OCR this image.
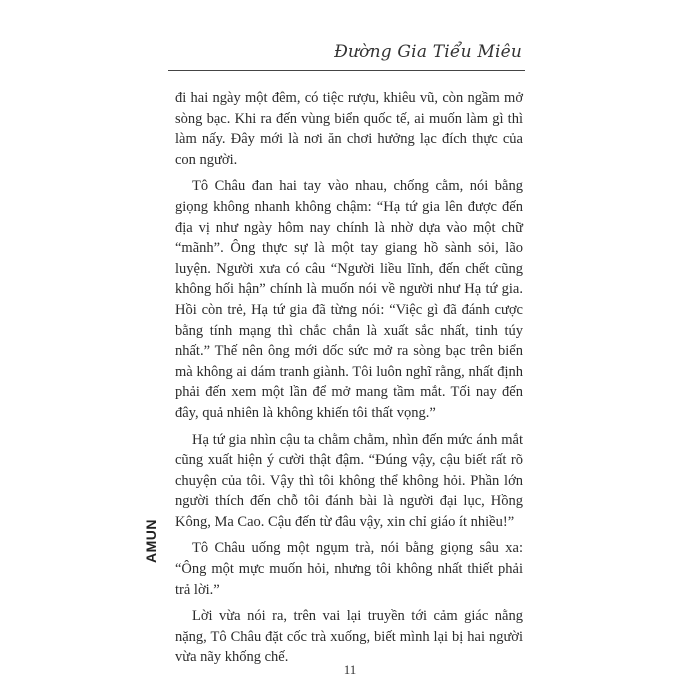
Đường Gia Tiểu Miêu

đi hai ngày một đêm, có tiệc rượu, khiêu vũ, còn ngầm mở sòng bạc. Khi ra đến vùng biển quốc tế, ai muốn làm gì thì làm nấy. Đây mới là nơi ăn chơi hưởng lạc đích thực của con người.

Tô Châu đan hai tay vào nhau, chống cằm, nói bằng giọng không nhanh không chậm: “Hạ tứ gia lên được đến địa vị như ngày hôm nay chính là nhờ dựa vào một chữ “mãnh”. Ông thực sự là một tay giang hồ sành sỏi, lão luyện. Người xưa có câu “Người liều lĩnh, đến chết cũng không hối hận” chính là muốn nói về người như Hạ tứ gia. Hồi còn trẻ, Hạ tứ gia đã từng nói: “Việc gì đã đánh cược bằng tính mạng thì chắc chắn là xuất sắc nhất, tinh túy nhất.” Thế nên ông mới dốc sức mở ra sòng bạc trên biển mà không ai dám tranh giành. Tôi luôn nghĩ rằng, nhất định phải đến xem một lần để mở mang tầm mắt. Tối nay đến đây, quả nhiên là không khiến tôi thất vọng.”

Hạ tứ gia nhìn cậu ta chằm chằm, nhìn đến mức ánh mắt cũng xuất hiện ý cười thật đậm. “Đúng vậy, cậu biết rất rõ chuyện của tôi. Vậy thì tôi không thể không hỏi. Phần lớn người thích đến chỗ tôi đánh bài là người đại lục, Hồng Kông, Ma Cao. Cậu đến từ đâu vậy, xin chỉ giáo ít nhiều!”

Tô Châu uống một ngụm trà, nói bằng giọng sâu xa: “Ông một mực muốn hỏi, nhưng tôi không nhất thiết phải trả lời.”

Lời vừa nói ra, trên vai lại truyền tới cảm giác nằng nặng, Tô Châu đặt cốc trà xuống, biết mình lại bị hai người vừa nãy khống chế.

AMUN
11
